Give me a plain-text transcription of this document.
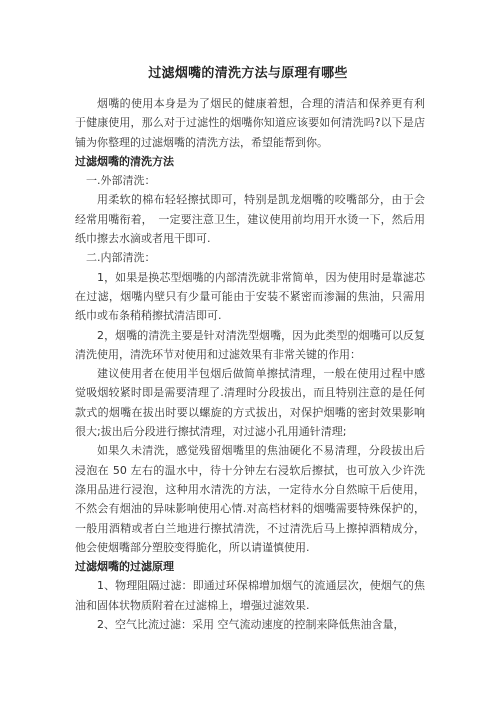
过滤烟嘴的清洗方法与原理有哪些

烟嘴的使用本身是为了烟民的健康着想，合理的清洁和保养更有利于健康使用，那么对于过滤性的烟嘴你知道应该要如何清洗吗?以下是店铺为你整理的过滤烟嘴的清洗方法，希望能帮到你。

过滤烟嘴的清洗方法

一.外部清洗：

用柔软的棉布轻轻擦拭即可，特别是凯龙烟嘴的咬嘴部分，由于会经常用嘴衔着，　一定要注意卫生，建议使用前均用开水烫一下，然后用纸巾擦去水滴或者甩干即可.

二.内部清洗：

1，如果是换芯型烟嘴的内部清洗就非常简单，因为使用时是靠滤芯在过滤，烟嘴内壁只有少量可能由于安装不紧密而渗漏的焦油，只需用纸巾或布条稍稍擦拭清洁即可.

2，烟嘴的清洗主要是针对清洗型烟嘴，因为此类型的烟嘴可以反复清洗使用，清洗环节对使用和过滤效果有非常关键的作用：

建议使用者在使用半包烟后做简单擦拭清理，一般在使用过程中感觉吸烟较紧时即是需要清理了.清理时分段拔出，而且特别注意的是任何款式的烟嘴在拔出时要以螺旋的方式拔出，对保护烟嘴的密封效果影响很大;拔出后分段进行擦拭清理，对过滤小孔用通针清理;

如果久未清洗，感觉残留烟嘴里的焦油硬化不易清理，分段拔出后浸泡在 50 左右的温水中，待十分钟左右浸软后擦拭，也可放入少许洗涤用品进行浸泡，这种用水清洗的方法，一定待水分自然晾干后使用，不然会有烟油的异味影响使用心情.对高档材料的烟嘴需要特殊保护的，一般用酒精或者白兰地进行擦拭清洗，不过清洗后马上擦掉酒精成分，他会使烟嘴部分塑胶变得脆化，所以请谨慎使用.

过滤烟嘴的过滤原理

1、物理阻隔过滤：即通过环保棉增加烟气的流通层次，使烟气的焦油和固体状物质附着在过滤棉上，增强过滤效果.

2、空气比流过滤：采用 空气流动速度的控制来降低焦油含量，
